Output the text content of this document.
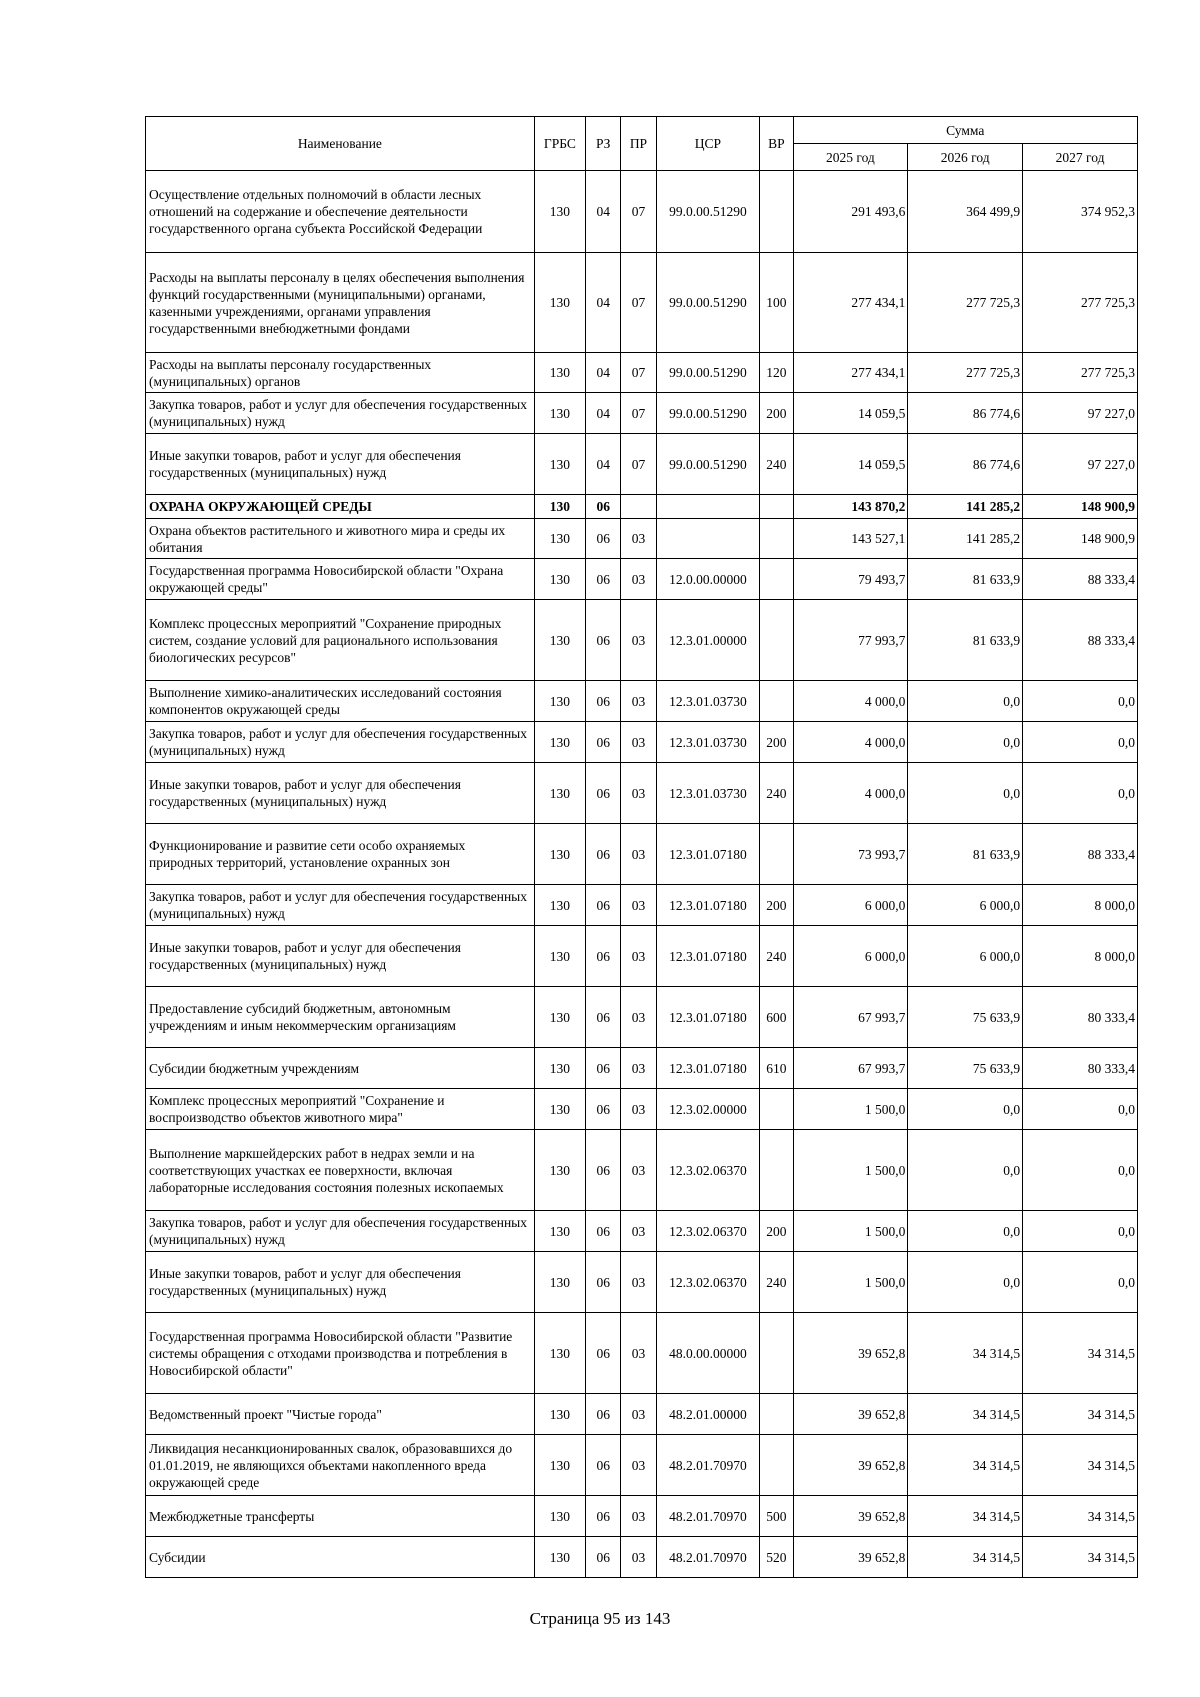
Наименование	ГРБС	РЗ	ПР	ЦСР	ВР	Сумма		
						2025 год	2026 год	2027 год
Осуществление отдельных полномочий в области лесных отношений на содержание и обеспечение деятельности государственного органа субъекта Российской Федерации	130	04	07	99.0.00.51290		291 493,6	364 499,9	374 952,3
Расходы на выплаты персоналу в целях обеспечения выполнения функций государственными (муниципальными) органами, казенными учреждениями, органами управления государственными внебюджетными фондами	130	04	07	99.0.00.51290	100	277 434,1	277 725,3	277 725,3
Расходы на выплаты персоналу государственных (муниципальных) органов	130	04	07	99.0.00.51290	120	277 434,1	277 725,3	277 725,3
Закупка товаров, работ и услуг для обеспечения государственных (муниципальных) нужд	130	04	07	99.0.00.51290	200	14 059,5	86 774,6	97 227,0
Иные закупки товаров, работ и услуг для обеспечения государственных (муниципальных) нужд	130	04	07	99.0.00.51290	240	14 059,5	86 774,6	97 227,0
ОХРАНА ОКРУЖАЮЩЕЙ СРЕДЫ	130	06				143 870,2	141 285,2	148 900,9
Охрана объектов растительного и животного мира и среды их обитания	130	06	03			143 527,1	141 285,2	148 900,9
Государственная программа Новосибирской области "Охрана окружающей среды"	130	06	03	12.0.00.00000		79 493,7	81 633,9	88 333,4
Комплекс процессных мероприятий "Сохранение природных систем, создание условий для рационального использования биологических ресурсов"	130	06	03	12.3.01.00000		77 993,7	81 633,9	88 333,4
Выполнение химико-аналитических исследований состояния компонентов окружающей среды	130	06	03	12.3.01.03730		4 000,0	0,0	0,0
Закупка товаров, работ и услуг для обеспечения государственных (муниципальных) нужд	130	06	03	12.3.01.03730	200	4 000,0	0,0	0,0
Иные закупки товаров, работ и услуг для обеспечения государственных (муниципальных) нужд	130	06	03	12.3.01.03730	240	4 000,0	0,0	0,0
Функционирование и развитие сети особо охраняемых природных территорий, установление охранных зон	130	06	03	12.3.01.07180		73 993,7	81 633,9	88 333,4
Закупка товаров, работ и услуг для обеспечения государственных (муниципальных) нужд	130	06	03	12.3.01.07180	200	6 000,0	6 000,0	8 000,0
Иные закупки товаров, работ и услуг для обеспечения государственных (муниципальных) нужд	130	06	03	12.3.01.07180	240	6 000,0	6 000,0	8 000,0
Предоставление субсидий бюджетным, автономным учреждениям и иным некоммерческим организациям	130	06	03	12.3.01.07180	600	67 993,7	75 633,9	80 333,4
Субсидии бюджетным учреждениям	130	06	03	12.3.01.07180	610	67 993,7	75 633,9	80 333,4
Комплекс процессных мероприятий "Сохранение и воспроизводство объектов животного мира"	130	06	03	12.3.02.00000		1 500,0	0,0	0,0
Выполнение маркшейдерских работ в недрах земли и на соответствующих участках ее поверхности, включая лабораторные исследования состояния полезных ископаемых	130	06	03	12.3.02.06370		1 500,0	0,0	0,0
Закупка товаров, работ и услуг для обеспечения государственных (муниципальных) нужд	130	06	03	12.3.02.06370	200	1 500,0	0,0	0,0
Иные закупки товаров, работ и услуг для обеспечения государственных (муниципальных) нужд	130	06	03	12.3.02.06370	240	1 500,0	0,0	0,0
Государственная программа Новосибирской области "Развитие системы обращения с отходами производства и потребления в Новосибирской области"	130	06	03	48.0.00.00000		39 652,8	34 314,5	34 314,5
Ведомственный проект "Чистые города"	130	06	03	48.2.01.00000		39 652,8	34 314,5	34 314,5
Ликвидация несанкционированных свалок, образовавшихся до 01.01.2019, не являющихся объектами накопленного вреда окружающей среде	130	06	03	48.2.01.70970		39 652,8	34 314,5	34 314,5
Межбюджетные трансферты	130	06	03	48.2.01.70970	500	39 652,8	34 314,5	34 314,5
Субсидии	130	06	03	48.2.01.70970	520	39 652,8	34 314,5	34 314,5
Страница 95 из 143
